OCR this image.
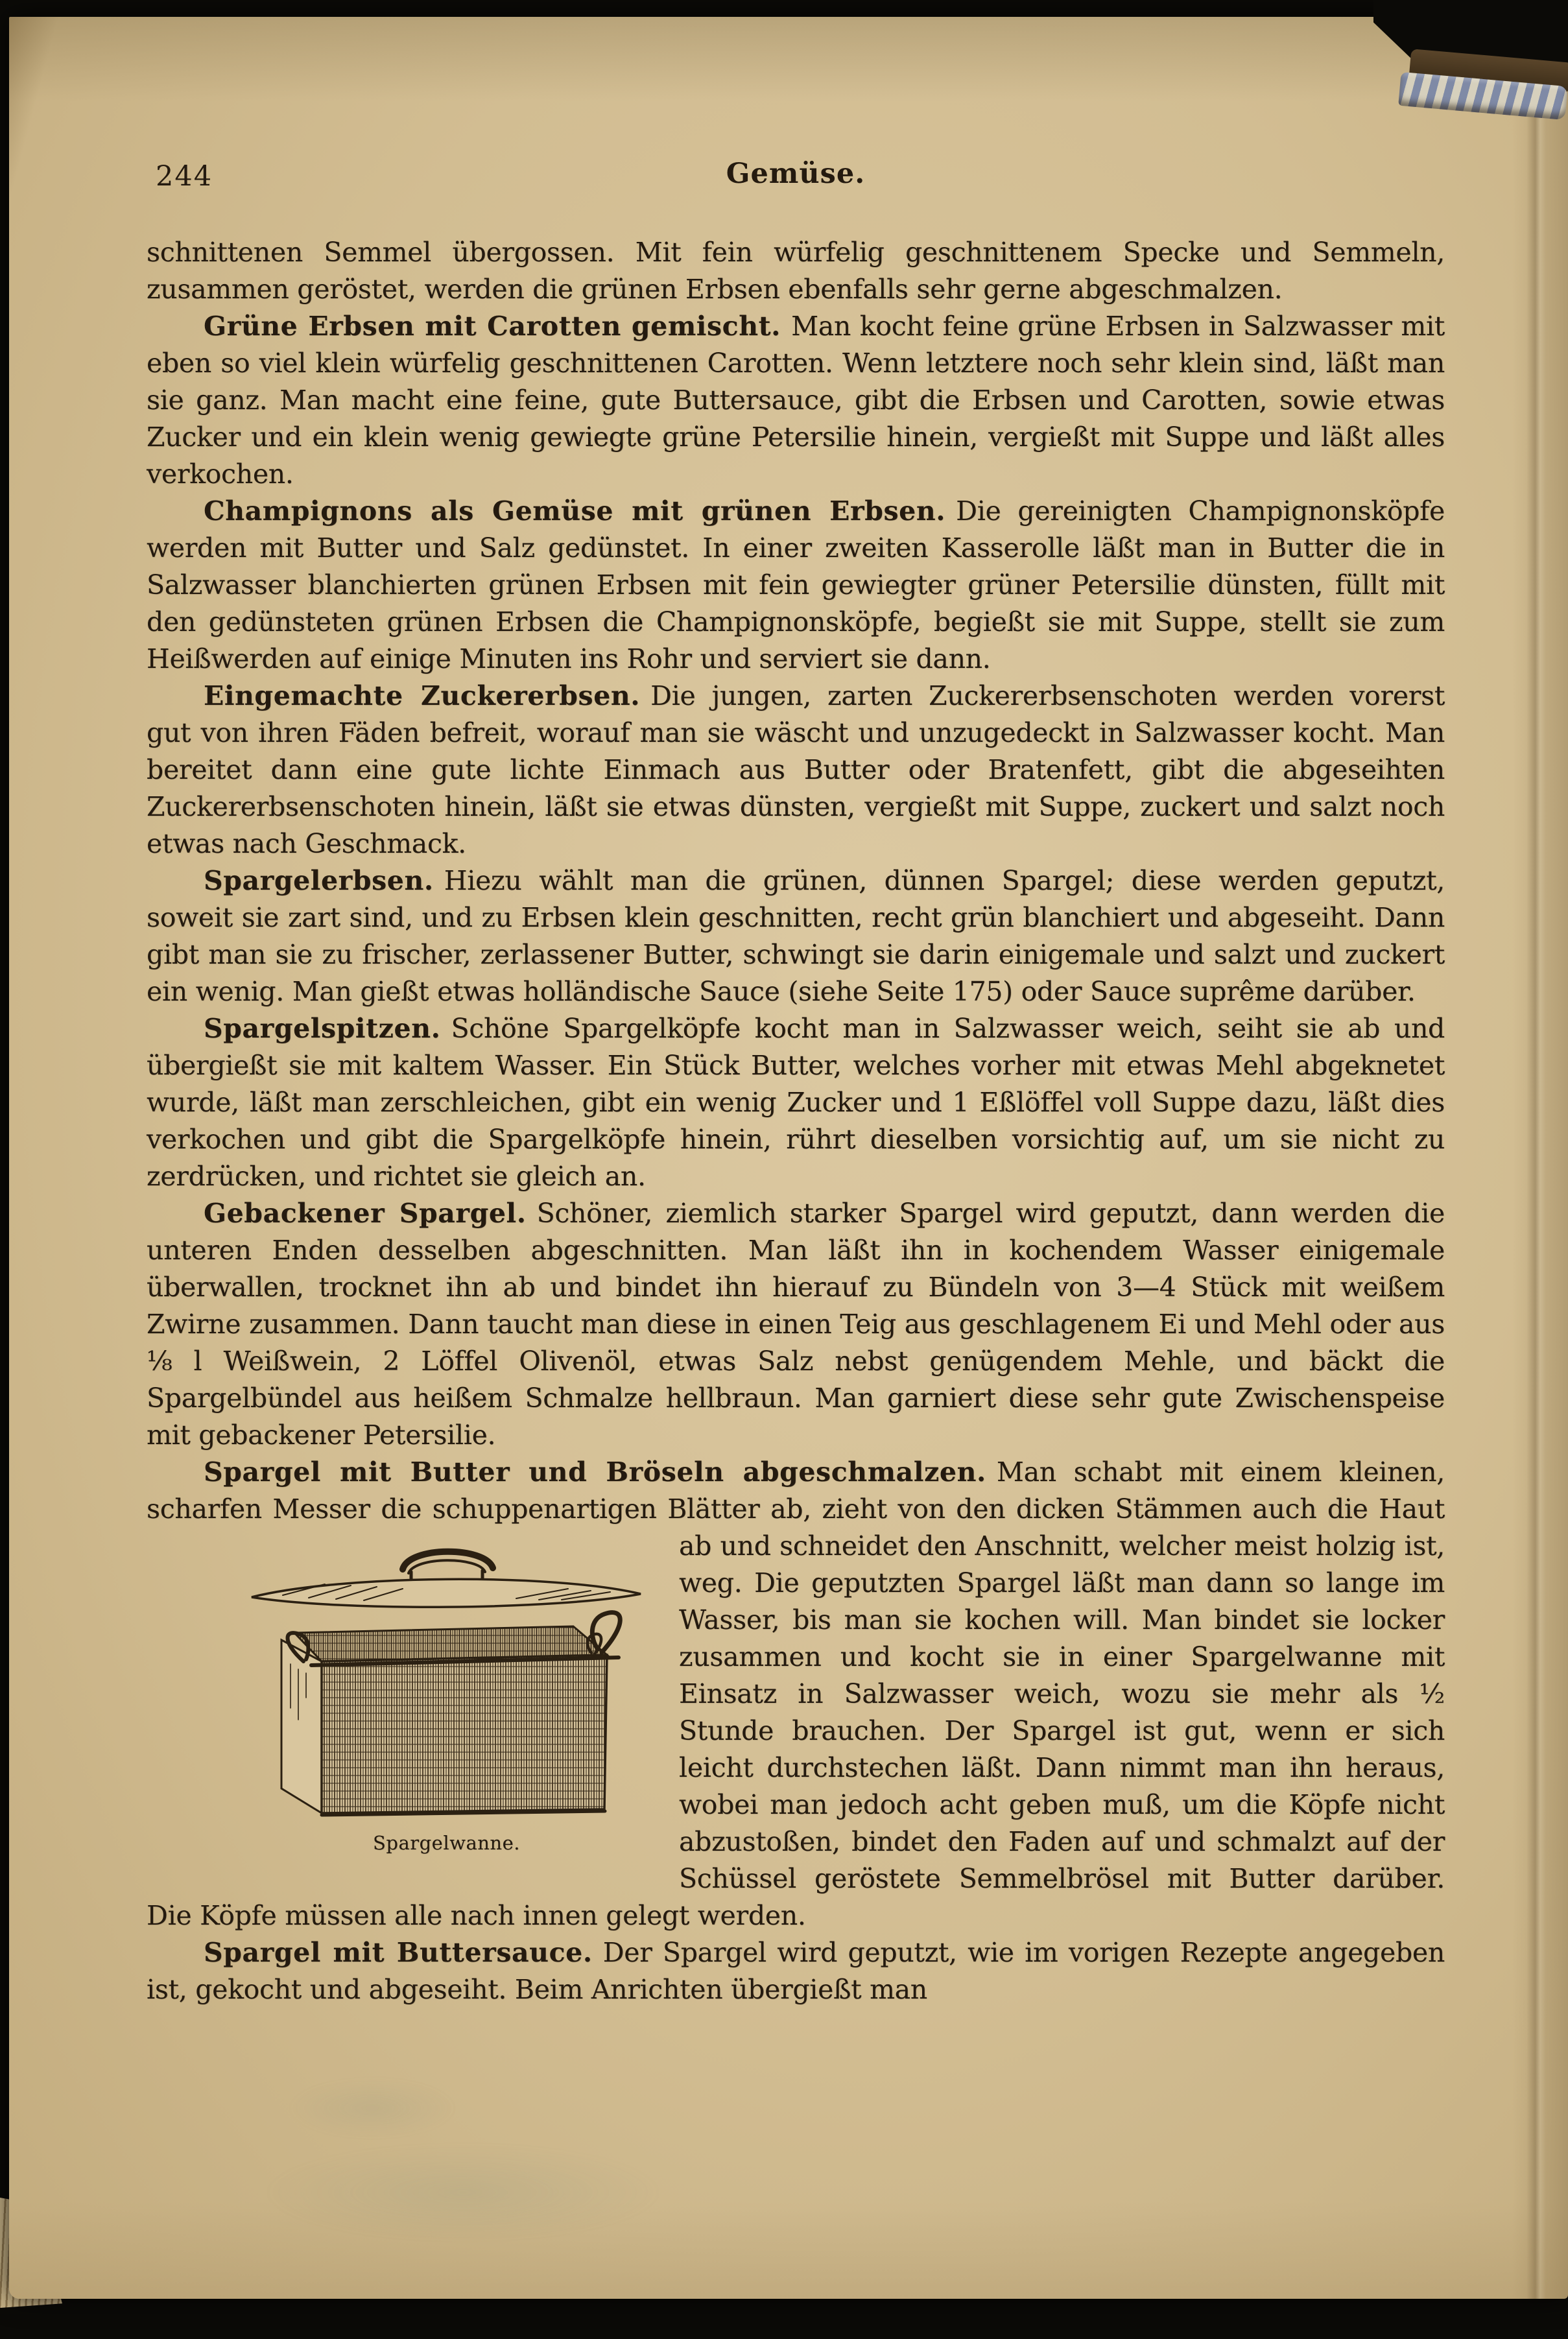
244	Gemüse.

schnittenen Semmel übergossen. Mit fein würfelig geschnittenem Specke und Semmeln, zusammen geröstet, werden die grünen Erbsen ebenfalls sehr gerne abgeschmalzen.

Grüne Erbsen mit Carotten gemischt. Man kocht feine grüne Erbsen in Salzwasser mit eben so viel klein würfelig geschnittenen Carotten. Wenn letztere noch sehr klein sind, läßt man sie ganz. Man macht eine feine, gute Buttersauce, gibt die Erbsen und Carotten, sowie etwas Zucker und ein klein wenig gewiegte grüne Petersilie hinein, vergießt mit Suppe und läßt alles verkochen.

Champignons als Gemüse mit grünen Erbsen. Die gereinigten Champignonsköpfe werden mit Butter und Salz gedünstet. In einer zweiten Kasserolle läßt man in Butter die in Salzwasser blanchierten grünen Erbsen mit fein gewiegter grüner Petersilie dünsten, füllt mit den gedünsteten grünen Erbsen die Champignonsköpfe, begießt sie mit Suppe, stellt sie zum Heißwerden auf einige Minuten ins Rohr und serviert sie dann.

Eingemachte Zuckererbsen. Die jungen, zarten Zuckererbsenschoten werden vorerst gut von ihren Fäden befreit, worauf man sie wäscht und unzugedeckt in Salzwasser kocht. Man bereitet dann eine gute lichte Einmach aus Butter oder Bratenfett, gibt die abgeseihten Zuckererbsenschoten hinein, läßt sie etwas dünsten, vergießt mit Suppe, zuckert und salzt noch etwas nach Geschmack.

Spargelerbsen. Hiezu wählt man die grünen, dünnen Spargel; diese werden geputzt, soweit sie zart sind, und zu Erbsen klein geschnitten, recht grün blanchiert und abgeseiht. Dann gibt man sie zu frischer, zerlassener Butter, schwingt sie darin einigemale und salzt und zuckert ein wenig. Man gießt etwas holländische Sauce (siehe Seite 175) oder Sauce suprême darüber.

Spargelspitzen. Schöne Spargelköpfe kocht man in Salzwasser weich, seiht sie ab und übergießt sie mit kaltem Wasser. Ein Stück Butter, welches vorher mit etwas Mehl abgeknetet wurde, läßt man zerschleichen, gibt ein wenig Zucker und 1 Eßlöffel voll Suppe dazu, läßt dies verkochen und gibt die Spargelköpfe hinein, rührt dieselben vorsichtig auf, um sie nicht zu zerdrücken, und richtet sie gleich an.

Gebackener Spargel. Schöner, ziemlich starker Spargel wird geputzt, dann werden die unteren Enden desselben abgeschnitten. Man läßt ihn in kochendem Wasser einigemale überwallen, trocknet ihn ab und bindet ihn hierauf zu Bündeln von 3—4 Stück mit weißem Zwirne zusammen. Dann taucht man diese in einen Teig aus geschlagenem Ei und Mehl oder aus ⅛ l Weißwein, 2 Löffel Olivenöl, etwas Salz nebst genügendem Mehle, und bäckt die Spargelbündel aus heißem Schmalze hellbraun. Man garniert diese sehr gute Zwischenspeise mit gebackener Petersilie.

Spargel mit Butter und Bröseln abgeschmalzen. Man schabt mit einem kleinen, scharfen Messer die schuppenartigen Blätter ab, zieht von den dicken
Spargelwanne.
Stämmen auch die Haut ab und schneidet den Anschnitt, welcher meist holzig ist, weg. Die geputzten Spargel läßt man dann so lange im Wasser, bis man sie kochen will. Man bindet sie locker zusammen und kocht sie in einer Spargelwanne mit Einsatz in Salzwasser weich, wozu sie mehr als ½ Stunde brauchen. Der Spargel ist gut, wenn er sich leicht durchstechen läßt. Dann nimmt man ihn heraus, wobei man jedoch acht geben muß, um die Köpfe nicht abzustoßen, bindet den Faden auf und schmalzt auf der Schüssel geröstete Semmelbrösel mit Butter darüber. Die Köpfe müssen alle nach innen gelegt werden.

Spargel mit Buttersauce. Der Spargel wird geputzt, wie im vorigen Rezepte angegeben ist, gekocht und abgeseiht. Beim Anrichten übergießt man
